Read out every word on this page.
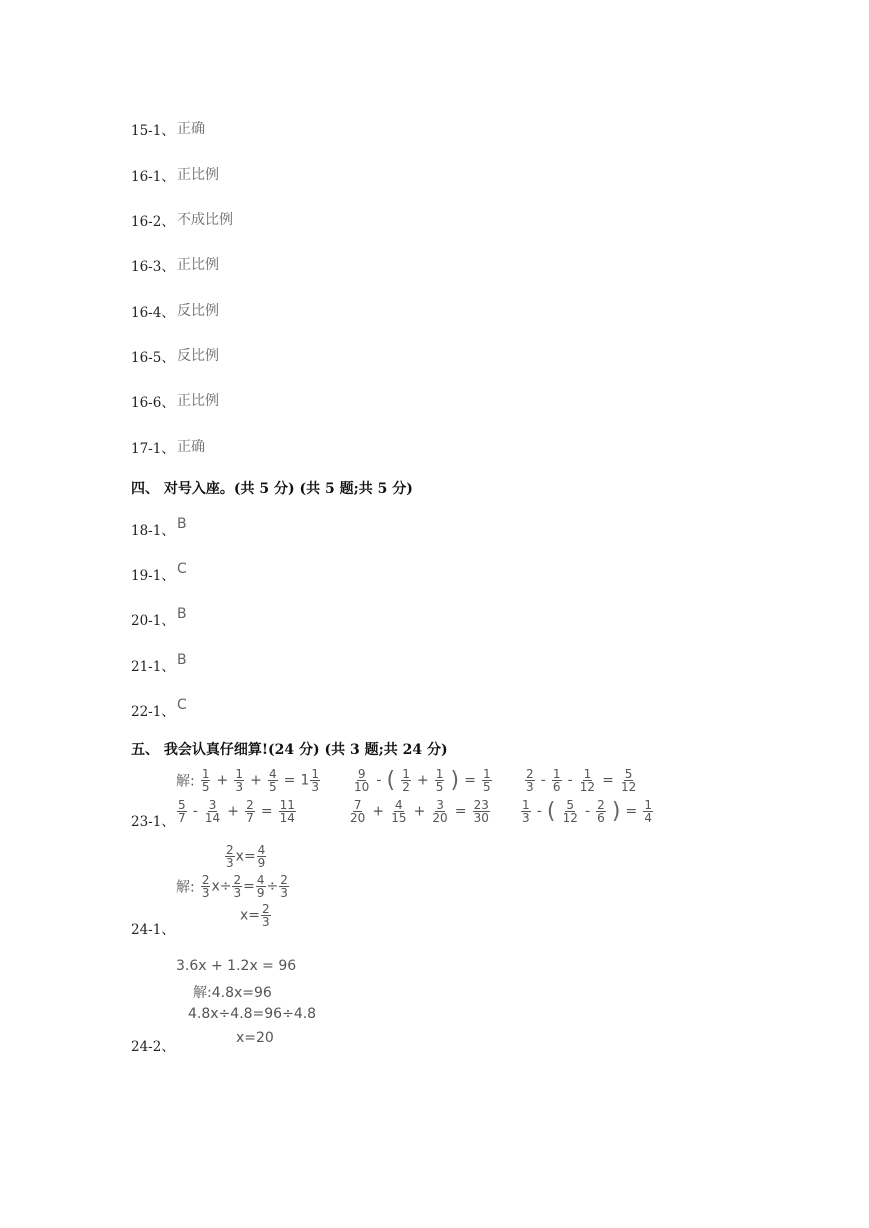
15-1、 正确
16-1、 正比例
16-2、 不成比例
16-3、 正比例
16-4、 反比例
16-5、 反比例
16-6、 正比例
17-1、 正确
四、 对号入座。(共 5 分) (共 5 题;共 5 分)
18-1、 B
19-1、 C
20-1、 B
21-1、 B
22-1、 C
五、 我会认真仔细算!(24 分) (共 3 题;共 24 分)
23-1、
解: $\frac{1}{5} + \frac{1}{3} + \frac{4}{5} = 1 \frac{1}{3}$	$\frac{9}{10}$ - ( $\frac{1}{2} + \frac{1}{5}$ ) = $\frac{1}{5}$	$\frac{2}{3} - \frac{1}{6} - \frac{1}{12} = \frac{5}{12}$
$\frac{5}{7} - \frac{3}{14} + \frac{2}{7} = \frac{11}{14}$	$\frac{7}{20} + \frac{4}{15} + \frac{3}{20} = \frac{23}{30}$	$\frac{1}{3}$ - ( $\frac{5}{12} - \frac{2}{6}$ ) = $\frac{1}{4}$
24-1、
$\frac{2}{3} x= \frac{4}{9}$
解: $\frac{2}{3} x\div \frac{2}{3} = \frac{4}{9} \div \frac{2}{3}$
$x= \frac{2}{3}$
3.6x + 1.2x = 96
解:4.8x=96
4.8x÷4.8=96÷4.8
x=20
24-2、
